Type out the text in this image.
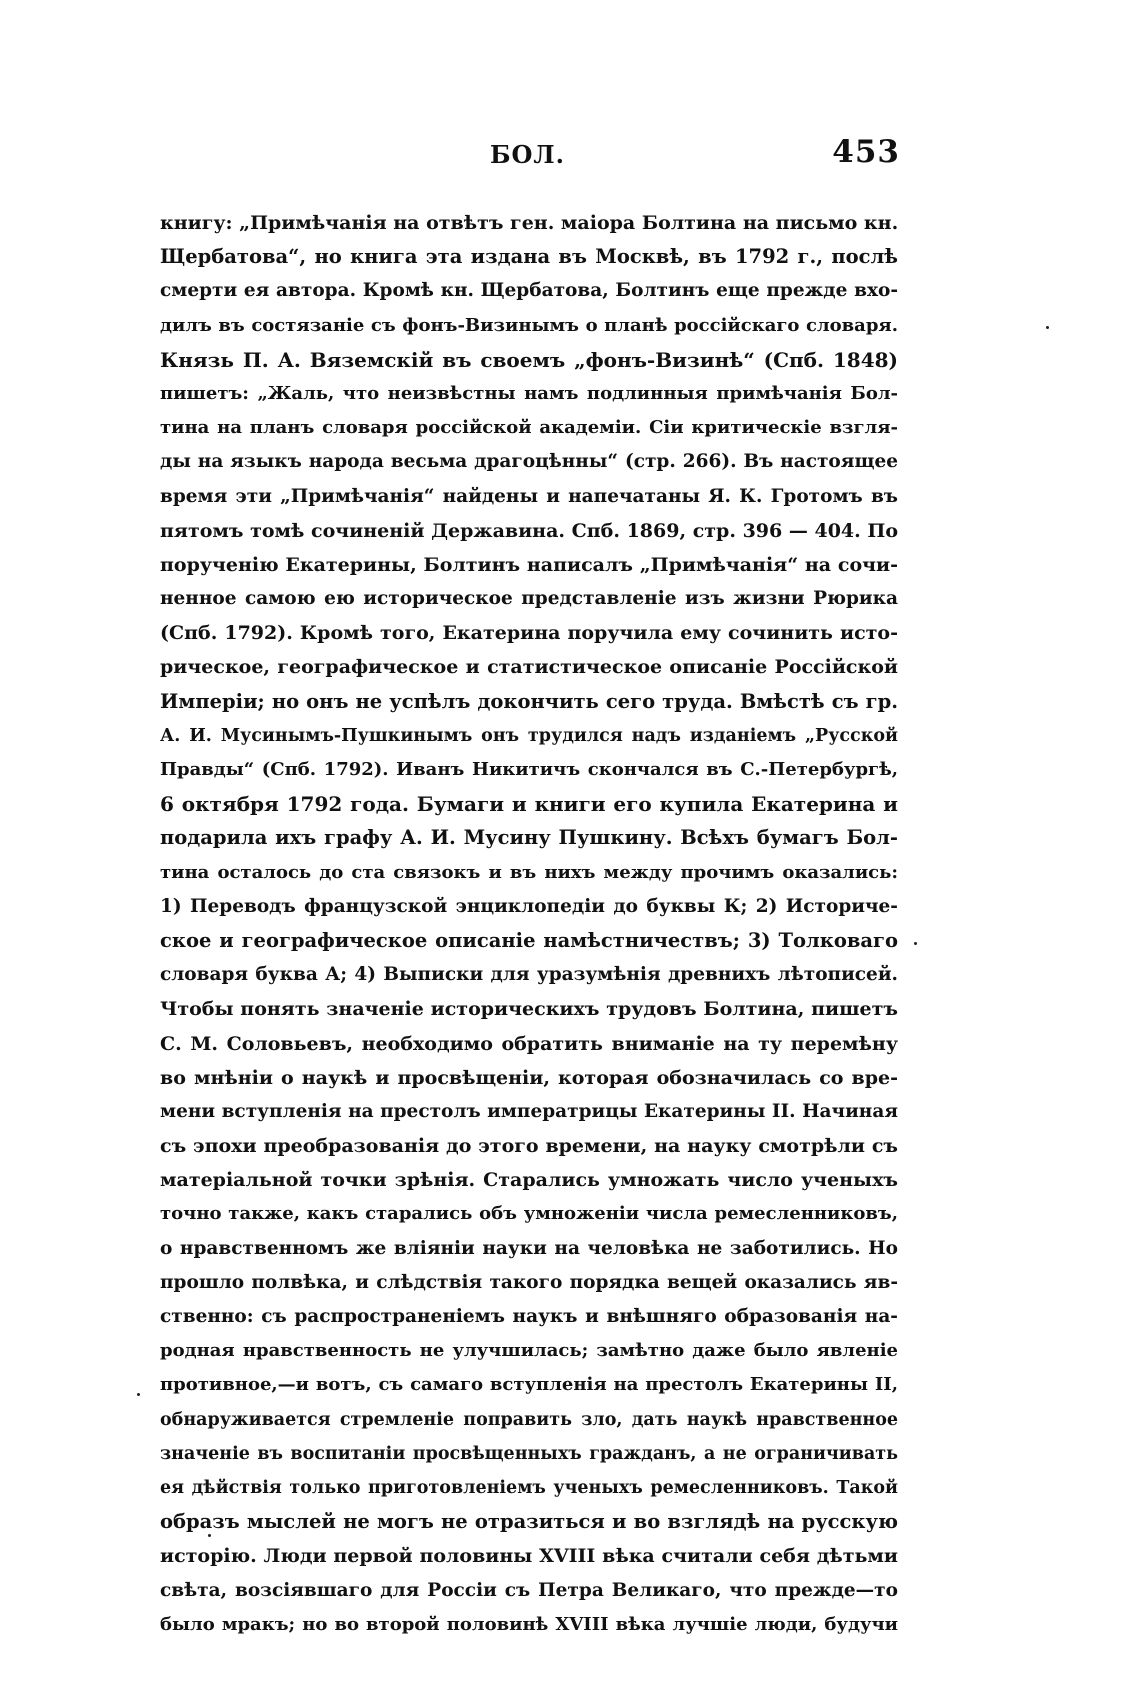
БОЛ.	453
книгу: „Примѣчанія на отвѣтъ ген. маіора Болтина на письмо кн.
Щербатова“, но книга эта издана въ Москвѣ, въ 1792 г., послѣ
смерти ея автора. Кромѣ кн. Щербатова, Болтинъ еще прежде вхо-
дилъ въ состязаніе съ фонъ-Визинымъ о планѣ россійскаго словаря.
Князь П. А. Вяземскій въ своемъ „фонъ-Визинѣ“ (Спб. 1848)
пишетъ: „Жаль, что неизвѣстны намъ подлинныя примѣчанія Бол-
тина на планъ словаря россійской академіи. Сіи критическіе взгля-
ды на языкъ народа весьма драгоцѣнны“ (стр. 266). Въ настоящее
время эти „Примѣчанія“ найдены и напечатаны Я. К. Гротомъ въ
пятомъ томѣ сочиненій Державина. Спб. 1869, стр. 396 — 404. По
порученію Екатерины, Болтинъ написалъ „Примѣчанія“ на сочи-
ненное самою ею историческое представленіе изъ жизни Рюрика
(Спб. 1792). Кромѣ того, Екатерина поручила ему сочинить исто-
рическое, географическое и статистическое описаніе Россійской
Имперіи; но онъ не успѣлъ докончить сего труда. Вмѣстѣ съ гр.
А. И. Мусинымъ-Пушкинымъ онъ трудился надъ изданіемъ „Русской
Правды“ (Спб. 1792). Иванъ Никитичъ скончался въ С.-Петербургѣ,
6 октября 1792 года. Бумаги и книги его купила Екатерина и
подарила ихъ графу А. И. Мусину Пушкину. Всѣхъ бумагъ Бол-
тина осталось до ста связокъ и въ нихъ между прочимъ оказались:
1) Переводъ французской энциклопедіи до буквы К; 2) Историче-
ское и географическое описаніе намѣстничествъ; 3) Толковаго
словаря буква А; 4) Выписки для уразумѣнія древнихъ лѣтописей.
Чтобы понять значеніе историческихъ трудовъ Болтина, пишетъ
С. М. Соловьевъ, необходимо обратить вниманіе на ту перемѣну
во мнѣніи о наукѣ и просвѣщеніи, которая обозначилась со вре-
мени вступленія на престолъ императрицы Екатерины II. Начиная
съ эпохи преобразованія до этого времени, на науку смотрѣли съ
матеріальной точки зрѣнія. Старались умножать число ученыхъ
точно также, какъ старались объ умноженіи числа ремесленниковъ,
о нравственномъ же вліяніи науки на человѣка не заботились. Но
прошло полвѣка, и слѣдствія такого порядка вещей оказались яв-
ственно: съ распространеніемъ наукъ и внѣшняго образованія на-
родная нравственность не улучшилась; замѣтно даже было явленіе
противное,—и вотъ, съ самаго вступленія на престолъ Екатерины II,
обнаруживается стремленіе поправить зло, дать наукѣ нравственное
значеніе въ воспитаніи просвѣщенныхъ гражданъ, а не ограничивать
ея дѣйствія только приготовленіемъ ученыхъ ремесленниковъ. Такой
образъ мыслей не могъ не отразиться и во взглядѣ на русскую
исторію. Люди первой половины XVIII вѣка считали себя дѣтьми
свѣта, возсіявшаго для Россіи съ Петра Великаго, что прежде—то
было мракъ; но во второй половинѣ XVIII вѣка лучшіе люди, будучи
